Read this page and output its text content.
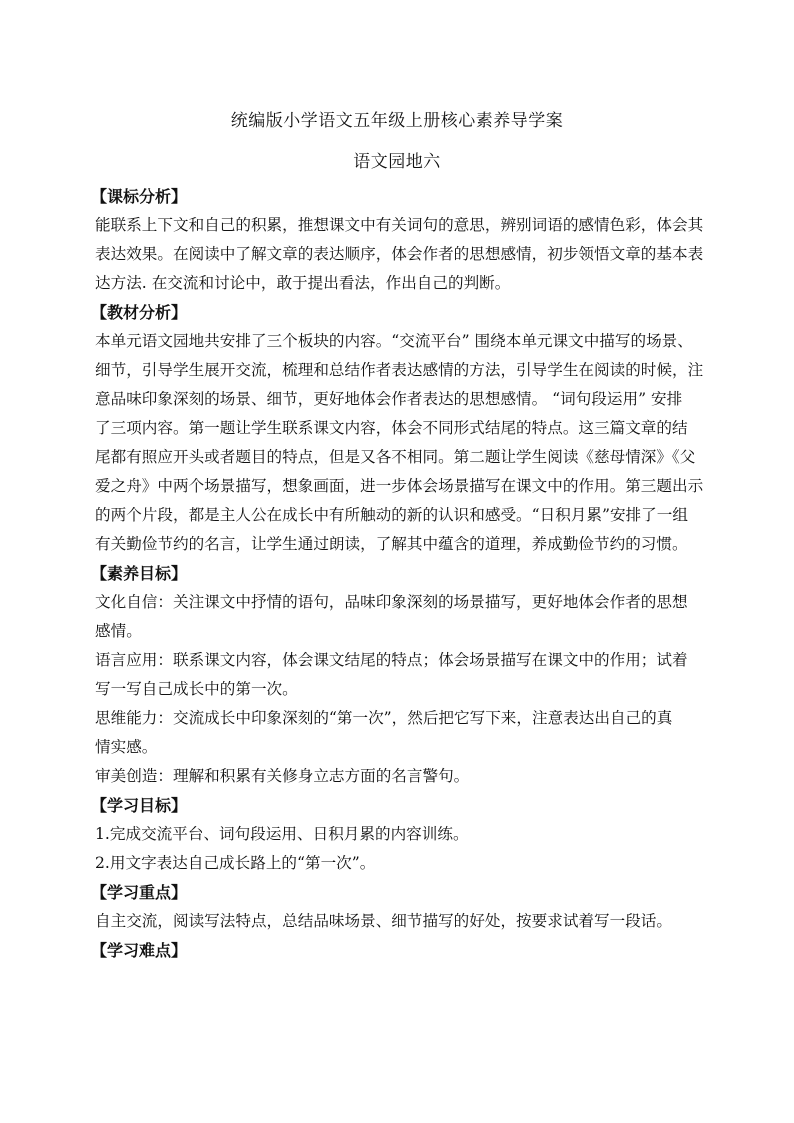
统编版小学语文五年级上册核心素养导学案
语文园地六
【课标分析】

能联系上下文和自己的积累，推想课文中有关词句的意思，辨别词语的感情色彩，体会其
表达效果。在阅读中了解文章的表达顺序，体会作者的思想感情，初步领悟文章的基本表
达方法. 在交流和讨论中，敢于提出看法，作出自己的判断。

【教材分析】

本单元语文园地共安排了三个板块的内容。“交流平台” 围绕本单元课文中描写的场景、
细节，引导学生展开交流，梳理和总结作者表达感情的方法，引导学生在阅读的时候，注
意品味印象深刻的场景、细节，更好地体会作者表达的思想感情。 “词句段运用” 安排
了三项内容。第一题让学生联系课文内容，体会不同形式结尾的特点。这三篇文章的结
尾都有照应开头或者题目的特点，但是又各不相同。第二题让学生阅读《慈母情深》《父
爱之舟》中两个场景描写，想象画面，进一步体会场景描写在课文中的作用。第三题出示
的两个片段，都是主人公在成长中有所触动的新的认识和感受。“日积月累”安排了一组
有关勤俭节约的名言，让学生通过朗读，了解其中蕴含的道理，养成勤俭节约的习惯。

【素养目标】

文化自信：关注课文中抒情的语句，品味印象深刻的场景描写，更好地体会作者的思想
感情。
语言应用：联系课文内容，体会课文结尾的特点；体会场景描写在课文中的作用；试着
写一写自己成长中的第一次。
思维能力：交流成长中印象深刻的“第一次”，然后把它写下来，注意表达出自己的真
情实感。
审美创造：理解和积累有关修身立志方面的名言警句。

【学习目标】

1.完成交流平台、词句段运用、日积月累的内容训练。
2.用文字表达自己成长路上的“第一次”。

【学习重点】

自主交流，阅读写法特点，总结品味场景、细节描写的好处，按要求试着写一段话。

【学习难点】
